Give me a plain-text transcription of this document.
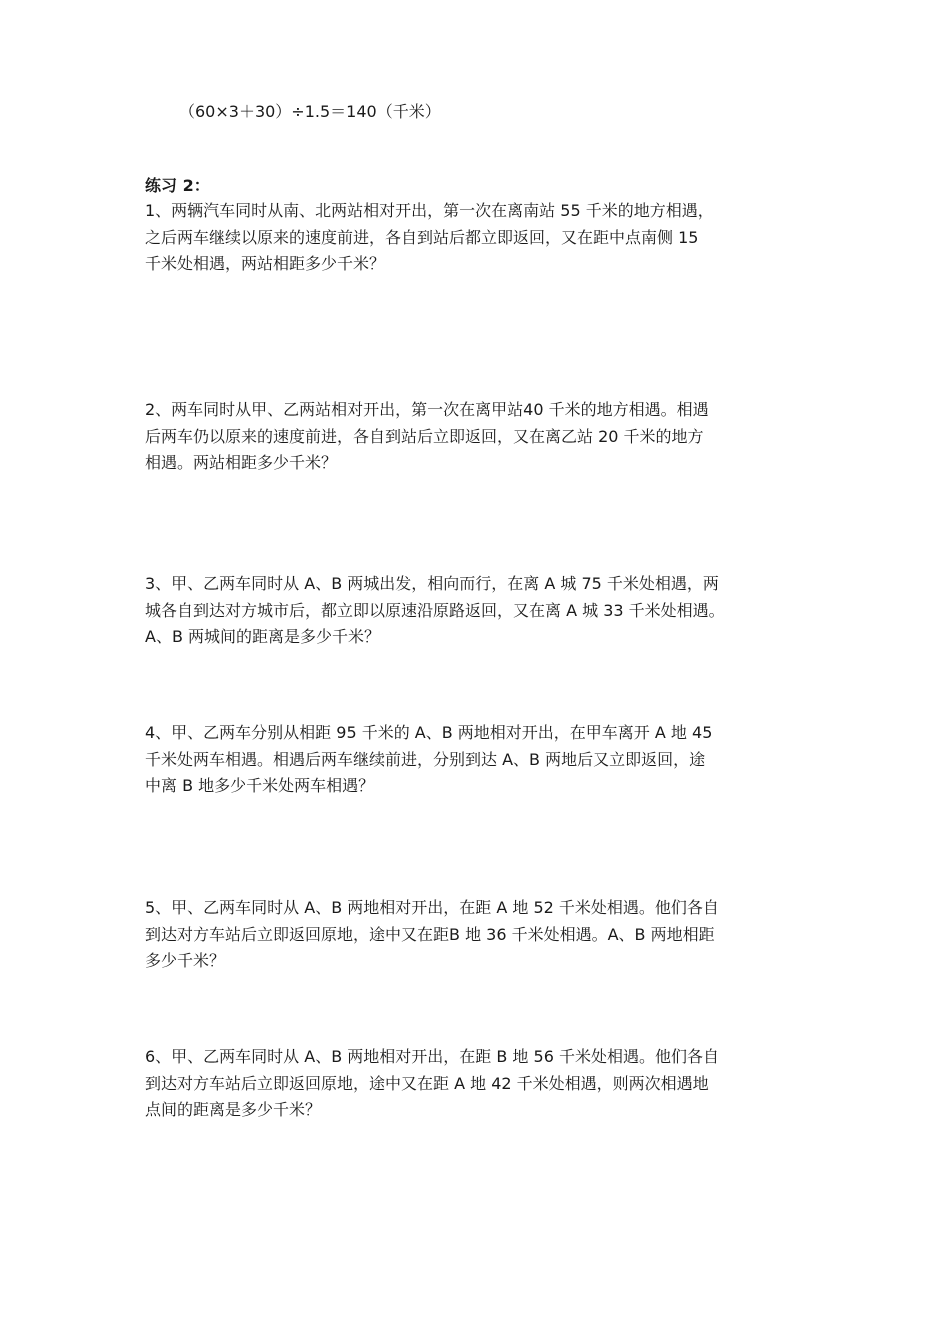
（60×3＋30）÷1.5＝140（千米）
练习 2：
1、两辆汽车同时从南、北两站相对开出，第一次在离南站 55 千米的地方相遇，
之后两车继续以原来的速度前进，各自到站后都立即返回，又在距中点南侧 15
千米处相遇，两站相距多少千米？
2、两车同时从甲、乙两站相对开出，第一次在离甲站40 千米的地方相遇。相遇
后两车仍以原来的速度前进，各自到站后立即返回，又在离乙站 20 千米的地方
相遇。两站相距多少千米？
3、甲、乙两车同时从 A、B 两城出发，相向而行，在离 A 城 75 千米处相遇，两
城各自到达对方城市后，都立即以原速沿原路返回，又在离 A 城 33 千米处相遇。
A、B 两城间的距离是多少千米？
4、甲、乙两车分别从相距 95 千米的 A、B 两地相对开出，在甲车离开 A 地 45
千米处两车相遇。相遇后两车继续前进，分别到达 A、B 两地后又立即返回，途
中离 B 地多少千米处两车相遇？
5、甲、乙两车同时从 A、B 两地相对开出，在距 A 地 52 千米处相遇。他们各自
到达对方车站后立即返回原地，途中又在距B 地 36 千米处相遇。A、B 两地相距
多少千米？
6、甲、乙两车同时从 A、B 两地相对开出，在距 B 地 56 千米处相遇。他们各自
到达对方车站后立即返回原地，途中又在距 A 地 42 千米处相遇，则两次相遇地
点间的距离是多少千米？
